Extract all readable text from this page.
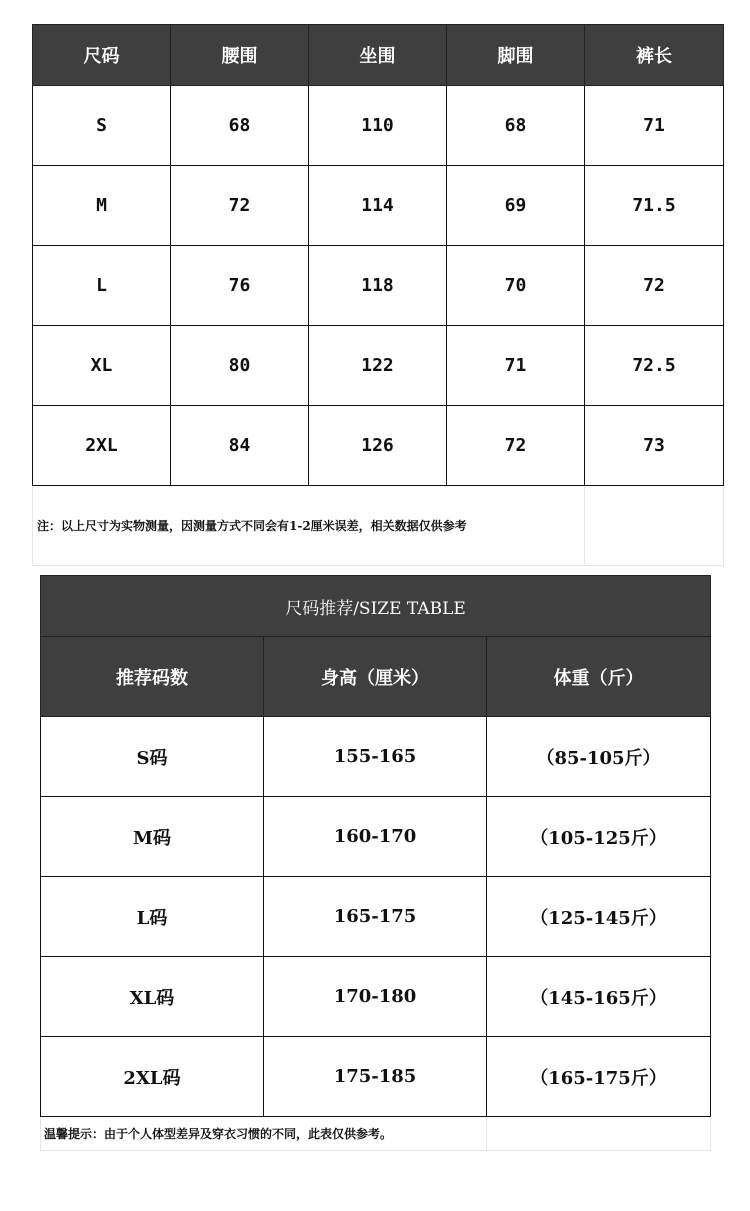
尺码	腰围	坐围	脚围	裤长
S	68	110	68	71
M	72	114	69	71.5
L	76	118	70	72
XL	80	122	71	72.5
2XL	84	126	72	73
注：以上尺寸为实物测量，因测量方式不同会有1-2厘米误差，相关数据仅供参考				
尺码推荐/SIZE TABLE		
推荐码数	身高（厘米）	体重（斤）
S码	155-165	（85-105斤）
M码	160-170	（105-125斤）
L码	165-175	（125-145斤）
XL码	170-180	（145-165斤）
2XL码	175-185	（165-175斤）
温馨提示：由于个人体型差异及穿衣习惯的不同，此表仅供参考。		
